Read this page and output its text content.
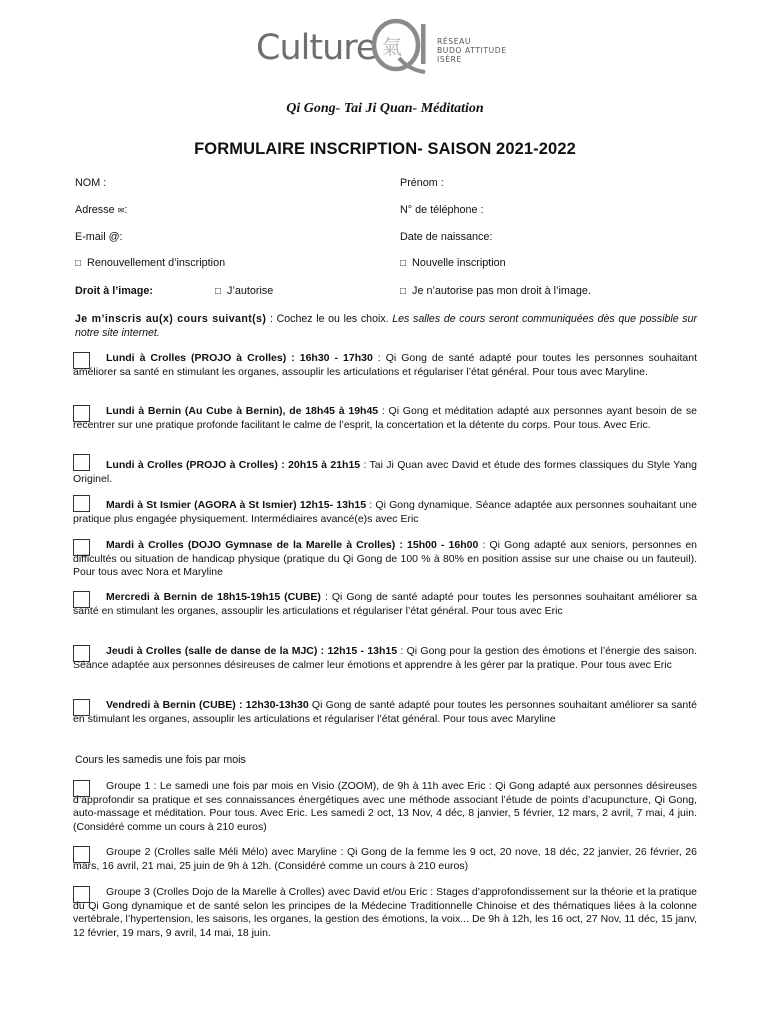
Culture 氣	RÉSEAU
BUDO ATTITUDE
ISÈRE
Qi Gong- Tai Ji Quan- Méditation
FORMULAIRE INSCRIPTION- SAISON 2021-2022
NOM :	Prénom :
Adresse ✉:	N° de téléphone :
E-mail @:	Date de naissance:
□ Renouvellement d’inscription	□ Nouvelle inscription
Droit à l’image:	□ J’autorise	□ Je n’autorise pas mon droit à l’image.
Je m’inscris au(x) cours suivant(s) : Cochez le ou les choix. Les salles de cours seront communiquées dès que possible sur notre site internet.
Lundi à Crolles (PROJO à Crolles) : 16h30 - 17h30 : Qi Gong de santé adapté pour toutes les personnes souhaitant améliorer sa santé en stimulant les organes, assouplir les articulations et régulariser l’état général. Pour tous avec Maryline.
Lundi à Bernin (Au Cube à Bernin), de 18h45 à 19h45 : Qi Gong et méditation adapté aux personnes ayant besoin de se recentrer sur une pratique profonde facilitant le calme de l’esprit, la concertation et la détente du corps. Pour tous. Avec Eric.
Lundi à Crolles (PROJO à Crolles) : 20h15 à 21h15 : Tai Ji Quan avec David et étude des formes classiques du Style Yang Originel.
Mardi à St Ismier (AGORA à St Ismier) 12h15- 13h15 : Qi Gong dynamique. Séance adaptée aux personnes souhaitant une pratique plus engagée physiquement. Intermédiaires avancé(e)s avec Eric
Mardi à Crolles (DOJO Gymnase de la Marelle à Crolles) : 15h00 - 16h00 : Qi Gong adapté aux seniors, personnes en difficultés ou situation de handicap physique (pratique du Qi Gong de 100 % à 80% en position assise sur une chaise ou un fauteuil). Pour tous avec Nora et Maryline
Mercredi à Bernin de 18h15-19h15 (CUBE) : Qi Gong de santé adapté pour toutes les personnes souhaitant améliorer sa santé en stimulant les organes, assouplir les articulations et régulariser l’état général. Pour tous avec Eric
Jeudi à Crolles (salle de danse de la MJC) : 12h15 - 13h15 : Qi Gong pour la gestion des émotions et l’énergie des saison. Séance adaptée aux personnes désireuses de calmer leur émotions et apprendre à les gérer par la pratique. Pour tous avec Eric
Vendredi à Bernin (CUBE) : 12h30-13h30 Qi Gong de santé adapté pour toutes les personnes souhaitant améliorer sa santé en stimulant les organes, assouplir les articulations et régulariser l’état général. Pour tous avec Maryline
Cours les samedis une fois par mois
Groupe 1 : Le samedi une fois par mois en Visio (ZOOM), de 9h à 11h avec Eric : Qi Gong adapté aux personnes désireuses d’approfondir sa pratique et ses connaissances énergétiques avec une méthode associant l’étude de points d’acupuncture, Qi Gong, auto-massage et méditation. Pour tous. Avec Eric. Les samedi 2 oct, 13 Nov, 4 déc, 8 janvier, 5 février, 12 mars, 2 avril, 7 mai, 4 juin. (Considéré comme un cours à 210 euros)
Groupe 2 (Crolles salle Méli Mélo) avec Maryline : Qi Gong de la femme les 9 oct, 20 nove, 18 déc, 22 janvier, 26 février, 26 mars, 16 avril, 21 mai, 25 juin de 9h à 12h. (Considéré comme un cours à 210 euros)
Groupe 3 (Crolles Dojo de la Marelle à Crolles) avec David et/ou Eric : Stages d’approfondissement sur la théorie et la pratique du Qi Gong dynamique et de santé selon les principes de la Médecine Traditionnelle Chinoise et des thématiques liées à la colonne vertébrale, l’hypertension, les saisons, les organes, la gestion des émotions, la voix... De 9h à 12h, les 16 oct, 27 Nov, 11 déc, 15 janv, 12 février, 19 mars, 9 avril, 14 mai, 18 juin.
